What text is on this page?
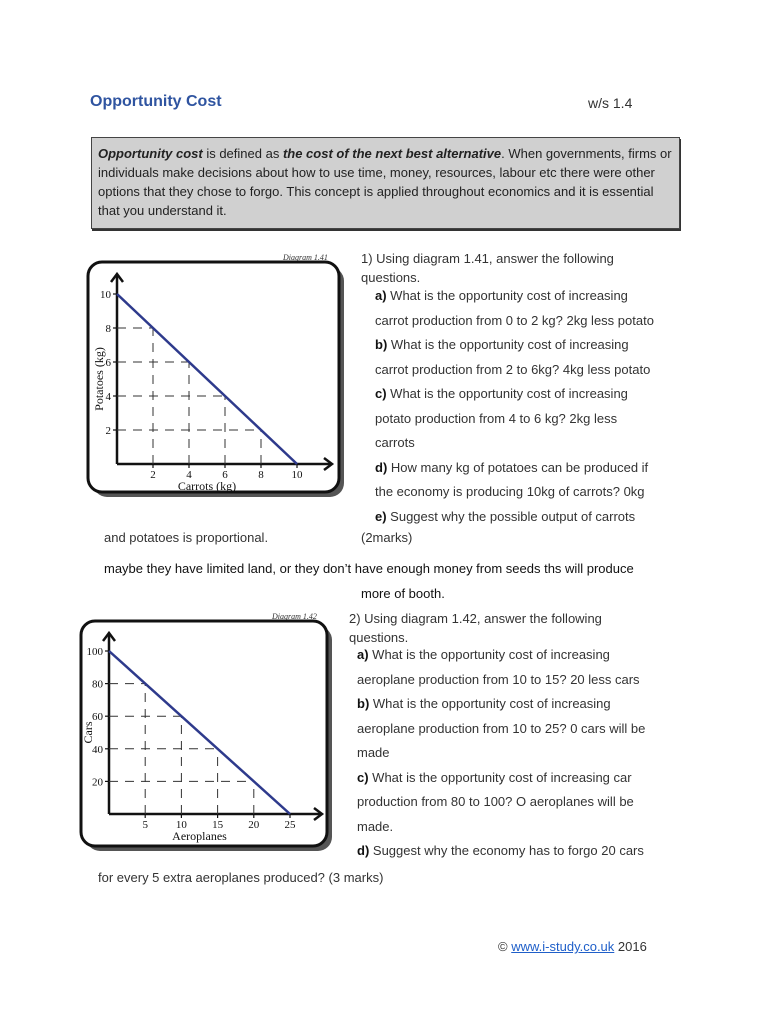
Opportunity Cost	w/s 1.4
Opportunity cost is defined as the cost of the next best alternative. When governments, firms or individuals make decisions about how to use time, money, resources, labour etc there were other options that they chose to forgo. This concept is applied throughout economics and it is essential that you understand it.
Diagram 1.41
2	4	6	8	10
2
4
6
8
10
Carrots (kg)
Potatoes (kg)
1) Using diagram 1.41, answer the following questions.
a) What is the opportunity cost of increasing
carrot production from 0 to 2 kg? 2kg less potato
b) What is the opportunity cost of increasing
carrot production from 2 to 6kg? 4kg less potato
c) What is the opportunity cost of increasing
potato production from 4 to 6 kg? 2kg less
carrots
d) How many kg of potatoes can be produced if
the economy is producing 10kg of carrots? 0kg
e) Suggest why the possible output of carrots
and potatoes is proportional.	(2marks)
maybe they have limited land, or they don’t have enough money from seeds ths will produce
more of booth.
Diagram 1.42
5	10 15 20 25
20
40
60
80
100
Aeroplanes
Cars
2) Using diagram 1.42, answer the following questions.
a) What is the opportunity cost of increasing
aeroplane production from 10 to 15? 20 less cars
b) What is the opportunity cost of increasing
aeroplane production from 10 to 25? 0 cars will be
made
c) What is the opportunity cost of increasing car
production from 80 to 100? O aeroplanes will be
made.
d) Suggest why the economy has to forgo 20 cars
for every 5 extra aeroplanes produced? (3 marks)
© www.i-study.co.uk 2016
